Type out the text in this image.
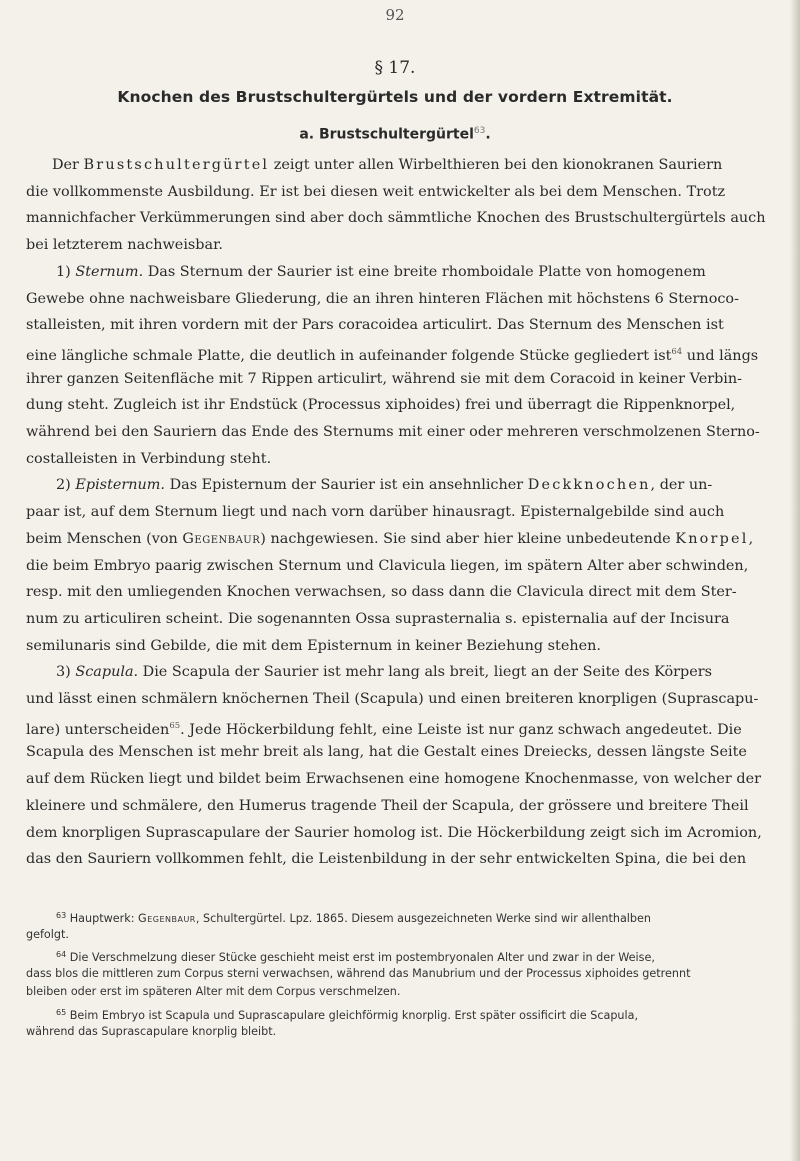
92
§ 17.
Knochen des Brustschultergürtels und der vordern Extremität.
a. Brustschultergürtel$^{63}$.
Der Brustschultergürtel zeigt unter allen Wirbelthieren bei den kionokranen Sauriern
die vollkommenste Ausbildung. Er ist bei diesen weit entwickelter als bei dem Menschen. Trotz
mannichfacher Verkümmerungen sind aber doch sämmtliche Knochen des Brustschultergürtels auch
bei letzterem nachweisbar.
1) Sternum. Das Sternum der Saurier ist eine breite rhomboidale Platte von homogenem
Gewebe ohne nachweisbare Gliederung, die an ihren hinteren Flächen mit höchstens 6 Sternoco-
stalleisten, mit ihren vordern mit der Pars coracoidea articulirt. Das Sternum des Menschen ist
eine längliche schmale Platte, die deutlich in aufeinander folgende Stücke gegliedert ist$^{64}$ und längs
ihrer ganzen Seitenfläche mit 7 Rippen articulirt, während sie mit dem Coracoid in keiner Verbin-
dung steht. Zugleich ist ihr Endstück (Processus xiphoides) frei und überragt die Rippenknorpel,
während bei den Sauriern das Ende des Sternums mit einer oder mehreren verschmolzenen Sterno-
costalleisten in Verbindung steht.
2) Episternum. Das Episternum der Saurier ist ein ansehnlicher Deckknochen, der un-
paar ist, auf dem Sternum liegt und nach vorn darüber hinausragt. Episternalgebilde sind auch
beim Menschen (von Gegenbaur) nachgewiesen. Sie sind aber hier kleine unbedeutende Knorpel,
die beim Embryo paarig zwischen Sternum und Clavicula liegen, im spätern Alter aber schwinden,
resp. mit den umliegenden Knochen verwachsen, so dass dann die Clavicula direct mit dem Ster-
num zu articuliren scheint. Die sogenannten Ossa suprasternalia s. episternalia auf der Incisura
semilunaris sind Gebilde, die mit dem Episternum in keiner Beziehung stehen.
3) Scapula. Die Scapula der Saurier ist mehr lang als breit, liegt an der Seite des Körpers
und lässt einen schmälern knöchernen Theil (Scapula) und einen breiteren knorpligen (Suprascapu-
lare) unterscheiden$^{65}$. Jede Höckerbildung fehlt, eine Leiste ist nur ganz schwach angedeutet. Die
Scapula des Menschen ist mehr breit als lang, hat die Gestalt eines Dreiecks, dessen längste Seite
auf dem Rücken liegt und bildet beim Erwachsenen eine homogene Knochenmasse, von welcher der
kleinere und schmälere, den Humerus tragende Theil der Scapula, der grössere und breitere Theil
dem knorpligen Suprascapulare der Saurier homolog ist. Die Höckerbildung zeigt sich im Acromion,
das den Sauriern vollkommen fehlt, die Leistenbildung in der sehr entwickelten Spina, die bei den
$^{63}$ Hauptwerk: Gegenbaur, Schultergürtel. Lpz. 1865. Diesem ausgezeichneten Werke sind wir allenthalben
gefolgt.
$^{64}$ Die Verschmelzung dieser Stücke geschieht meist erst im postembryonalen Alter und zwar in der Weise,
dass blos die mittleren zum Corpus sterni verwachsen, während das Manubrium und der Processus xiphoides getrennt
bleiben oder erst im späteren Alter mit dem Corpus verschmelzen.
$^{65}$ Beim Embryo ist Scapula und Suprascapulare gleichförmig knorplig. Erst später ossificirt die Scapula,
während das Suprascapulare knorplig bleibt.
